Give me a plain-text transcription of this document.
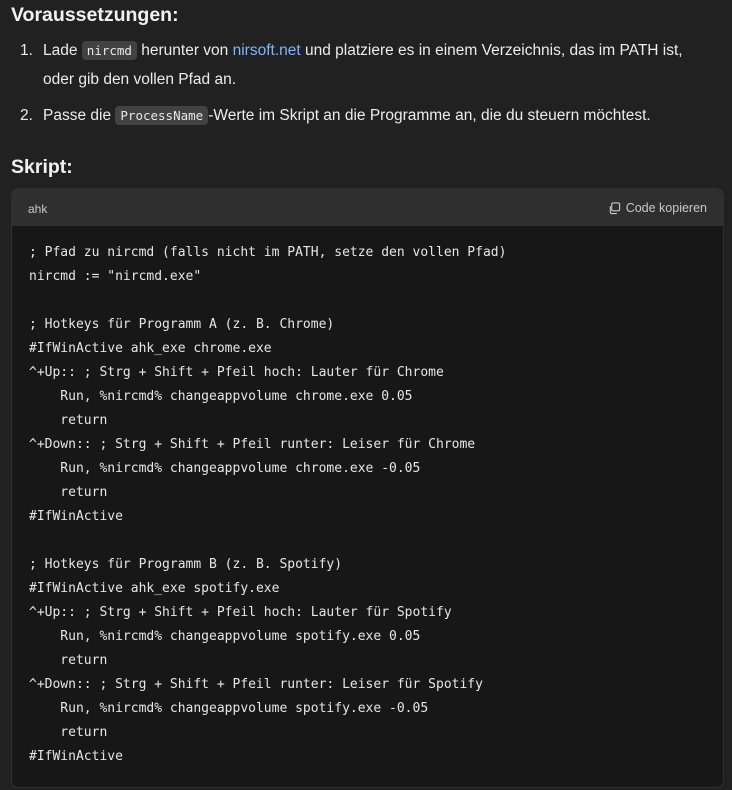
Voraussetzungen:
1. Lade nircmd herunter von nirsoft.net und platziere es in einem Verzeichnis, das im PATH ist,
oder gib den vollen Pfad an.
2. Passe die ProcessName -Werte im Skript an die Programme an, die du steuern möchtest.
Skript:
ahk	Code kopieren
; Pfad zu nircmd (falls nicht im PATH, setze den vollen Pfad)
nircmd := "nircmd.exe"
; Hotkeys für Programm A (z. B. Chrome)
#IfWinActive ahk_exe chrome.exe
^+Up:: ; Strg + Shift + Pfeil hoch: Lauter für Chrome
Run, %nircmd% changeappvolume chrome.exe 0.05
return
^+Down:: ; Strg + Shift + Pfeil runter: Leiser für Chrome
Run, %nircmd% changeappvolume chrome.exe -0.05
return
#IfWinActive
; Hotkeys für Programm B (z. B. Spotify)
#IfWinActive ahk_exe spotify.exe
^+Up:: ; Strg + Shift + Pfeil hoch: Lauter für Spotify
Run, %nircmd% changeappvolume spotify.exe 0.05
return
^+Down:: ; Strg + Shift + Pfeil runter: Leiser für Spotify
Run, %nircmd% changeappvolume spotify.exe -0.05
return
#IfWinActive
